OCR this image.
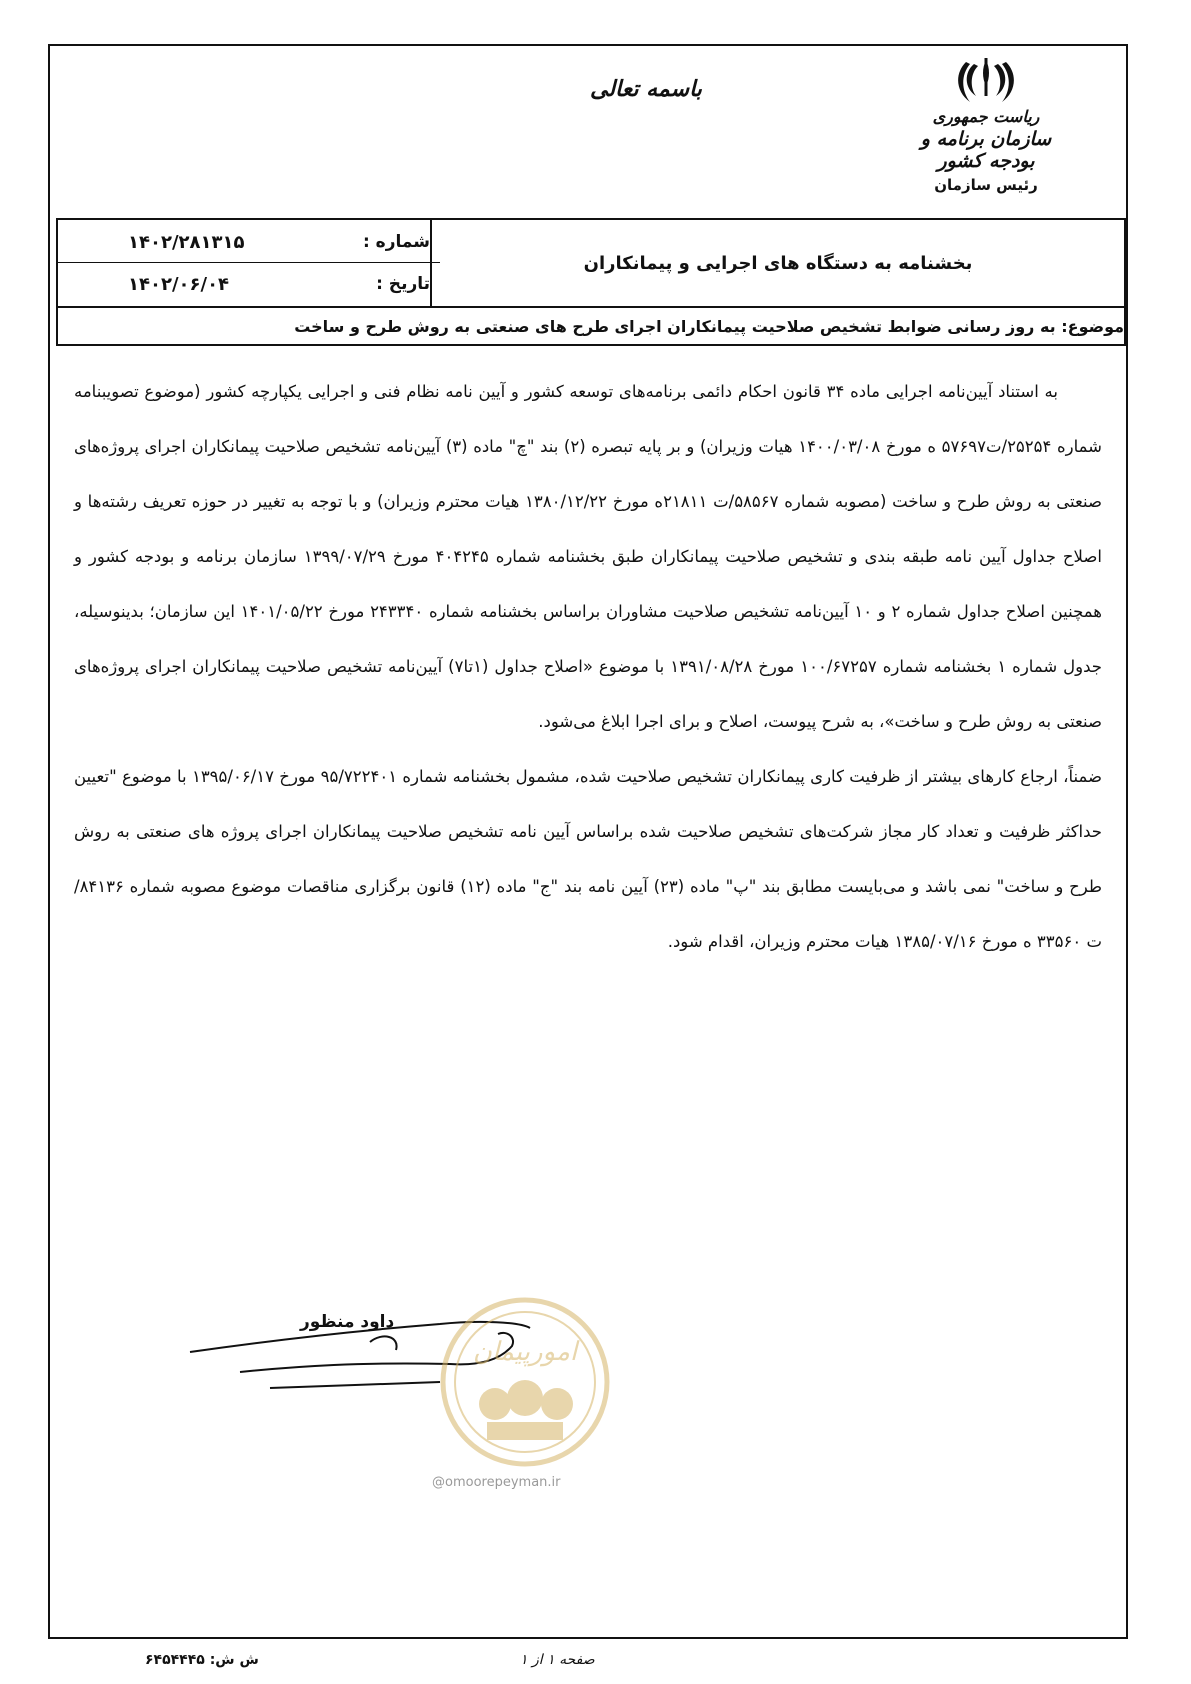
باسمه تعالی
ریاست جمهوری
سازمان برنامه و بودجه کشور
رئیس سازمان
بخشنامه به دستگاه های اجرایی و پیمانکاران
شماره :
۱۴۰۲/۲۸۱۳۱۵
تاریخ :
۱۴۰۲/۰۶/۰۴
موضوع: به روز رسانی ضوابط تشخیص صلاحیت پیمانکاران اجرای طرح های صنعتی به روش طرح و ساخت

به استناد آیین‌نامه اجرایی ماده ۳۴ قانون احکام دائمی برنامه‌های توسعه کشور و آیین نامه نظام فنی و اجرایی یکپارچه کشور (موضوع تصویبنامه شماره ۲۵۲۵۴/ت۵۷۶۹۷ ه مورخ ۱۴۰۰/۰۳/۰۸ هیات وزیران) و بر پایه تبصره (۲) بند "چ" ماده (۳) آیین‌نامه تشخیص صلاحیت پیمانکاران اجرای پروژه‌های صنعتی به روش طرح و ساخت (مصوبه شماره ۵۸۵۶۷/ت ۲۱۸۱۱ه مورخ ۱۳۸۰/۱۲/۲۲ هیات محترم وزیران) و با توجه به تغییر در حوزه تعریف رشته‌ها و اصلاح جداول آیین نامه طبقه بندی و تشخیص صلاحیت پیمانکاران طبق بخشنامه شماره ۴۰۴۲۴۵ مورخ ۱۳۹۹/۰۷/۲۹ سازمان برنامه و بودجه کشور و همچنین اصلاح جداول شماره ۲ و ۱۰ آیین‌نامه تشخیص صلاحیت مشاوران براساس بخشنامه شماره ۲۴۳۳۴۰ مورخ ۱۴۰۱/۰۵/۲۲ این سازمان؛ بدینوسیله، جدول شماره ۱ بخشنامه شماره ۱۰۰/۶۷۲۵۷ مورخ ۱۳۹۱/۰۸/۲۸ با موضوع «اصلاح جداول (۱تا۷) آیین‌نامه تشخیص صلاحیت پیمانکاران اجرای پروژه‌های صنعتی به روش طرح و ساخت»، به شرح پیوست، اصلاح و برای اجرا ابلاغ می‌شود.

ضمناً، ارجاع کارهای بیشتر از ظرفیت کاری پیمانکاران تشخیص صلاحیت شده، مشمول بخشنامه شماره ۹۵/۷۲۲۴۰۱ مورخ ۱۳۹۵/۰۶/۱۷ با موضوع "تعیین حداکثر ظرفیت و تعداد کار مجاز شرکت‌های تشخیص صلاحیت شده براساس آیین نامه تشخیص صلاحیت پیمانکاران اجرای پروژه های صنعتی به روش طرح و ساخت" نمی باشد و می‌بایست مطابق بند "پ" ماده (۲۳) آیین نامه بند "ج" ماده (۱۲) قانون برگزاری مناقصات موضوع مصوبه شماره ۸۴۱۳۶/ ت ۳۳۵۶۰ ه مورخ ۱۳۸۵/۰۷/۱۶ هیات محترم وزیران، اقدام شود.

داود منظور
امورپیمان
@omoorepeyman.ir
صفحه ۱ از ۱
ش ش: ۶۴۵۴۴۴۵
